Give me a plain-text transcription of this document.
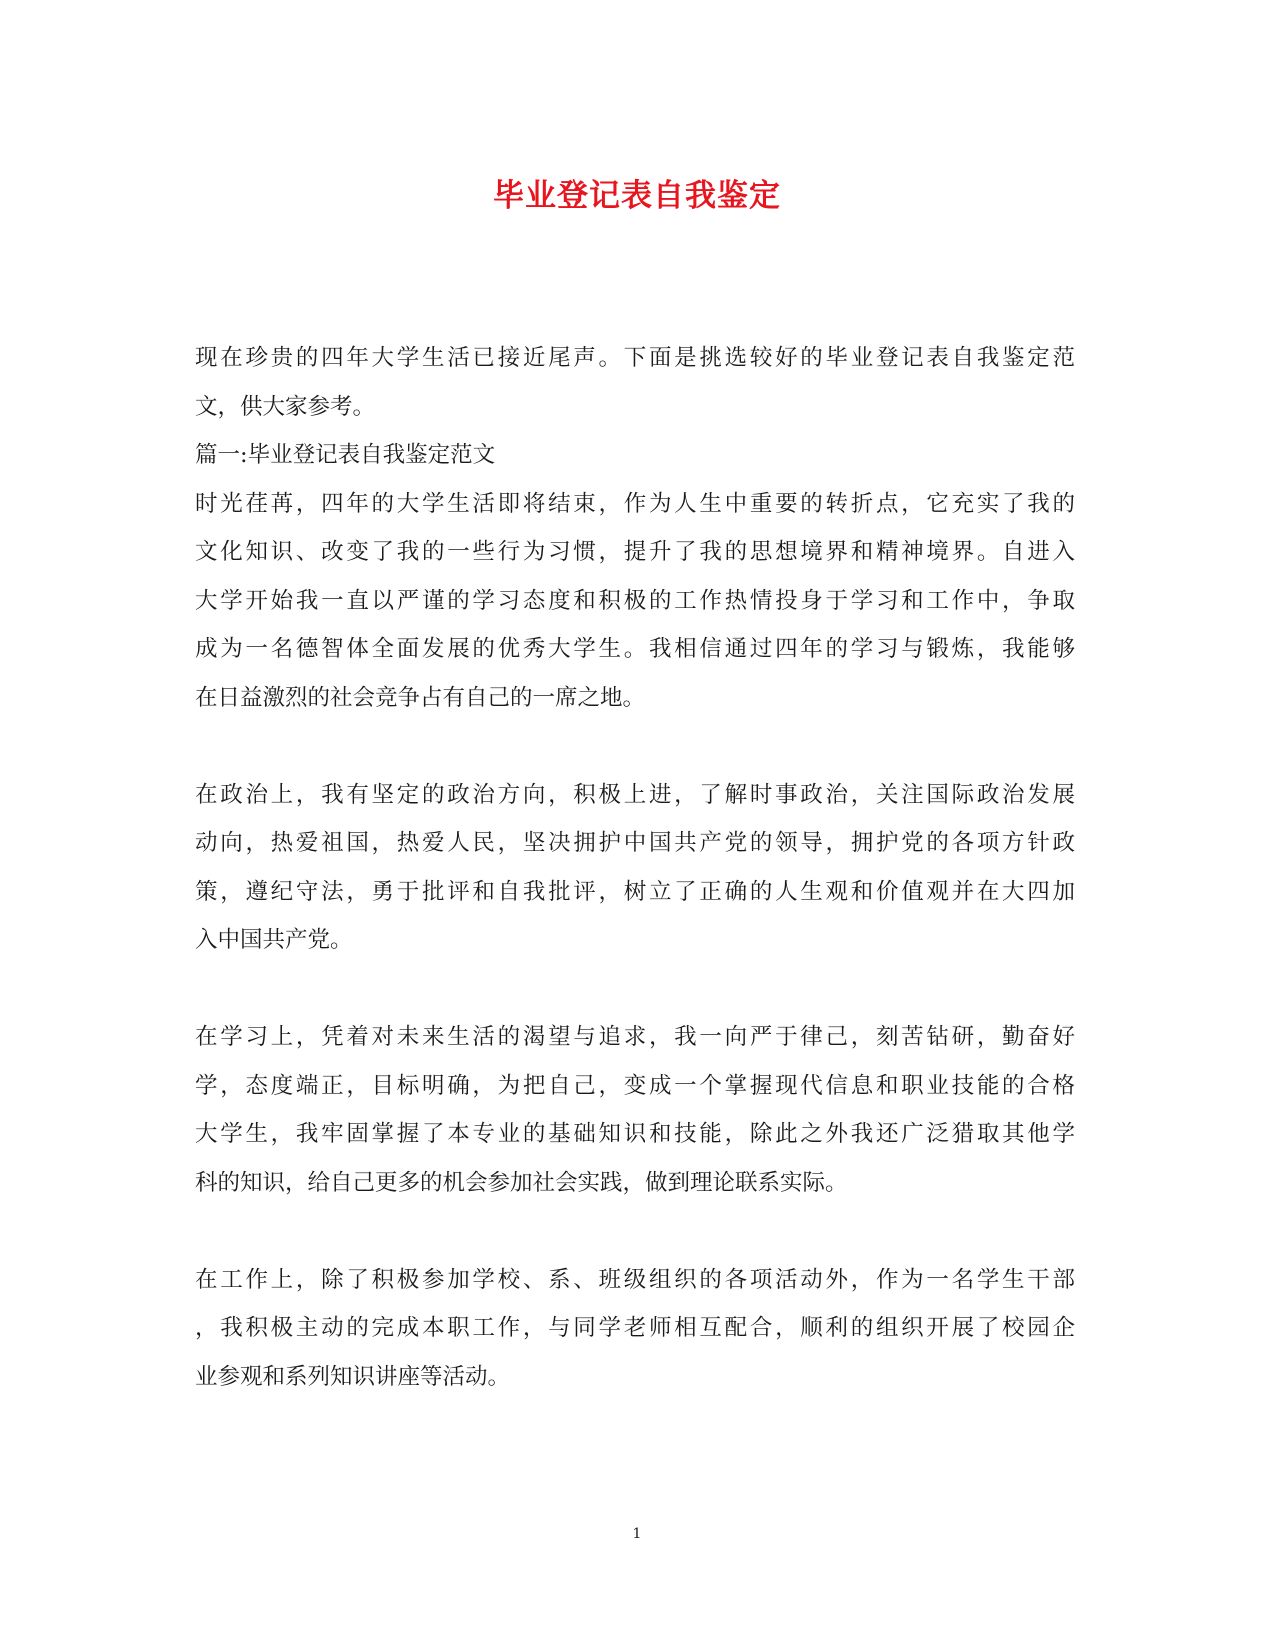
毕业登记表自我鉴定
现在珍贵的四年大学生活已接近尾声。下面是挑选较好的毕业登记表自我鉴定范
文，供大家参考。
篇一:毕业登记表自我鉴定范文
时光荏苒，四年的大学生活即将结束，作为人生中重要的转折点，它充实了我的
文化知识、改变了我的一些行为习惯，提升了我的思想境界和精神境界。自进入
大学开始我一直以严谨的学习态度和积极的工作热情投身于学习和工作中，争取
成为一名德智体全面发展的优秀大学生。我相信通过四年的学习与锻炼，我能够
在日益激烈的社会竞争占有自己的一席之地。
在政治上，我有坚定的政治方向，积极上进，了解时事政治，关注国际政治发展
动向，热爱祖国，热爱人民，坚决拥护中国共产党的领导，拥护党的各项方针政
策，遵纪守法，勇于批评和自我批评，树立了正确的人生观和价值观并在大四加
入中国共产党。
在学习上，凭着对未来生活的渴望与追求，我一向严于律己，刻苦钻研，勤奋好
学，态度端正，目标明确，为把自己，变成一个掌握现代信息和职业技能的合格
大学生，我牢固掌握了本专业的基础知识和技能，除此之外我还广泛猎取其他学
科的知识，给自己更多的机会参加社会实践，做到理论联系实际。
在工作上，除了积极参加学校、系、班级组织的各项活动外，作为一名学生干部
，我积极主动的完成本职工作，与同学老师相互配合，顺利的组织开展了校园企
业参观和系列知识讲座等活动。
1
